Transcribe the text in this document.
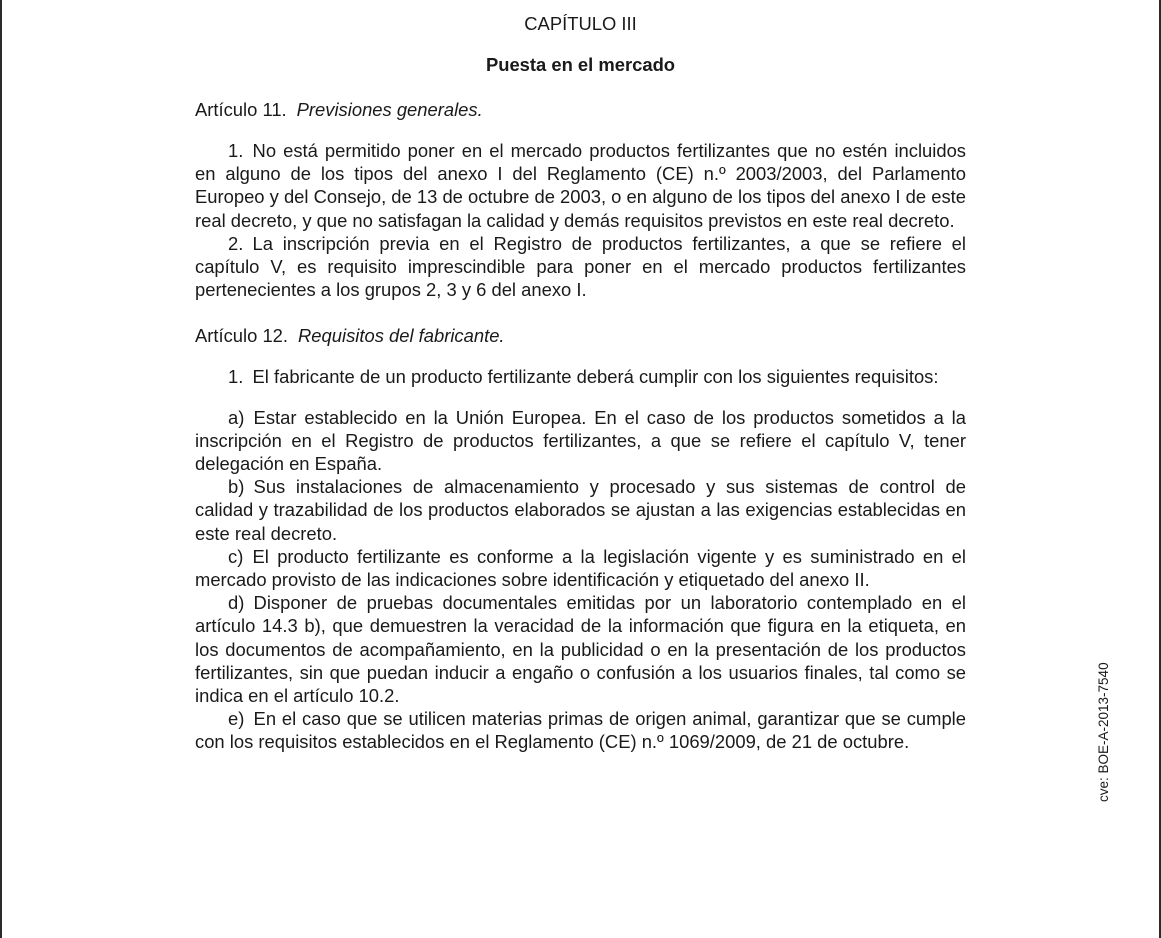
CAPÍTULO III

Puesta en el mercado

Artículo 11. Previsiones generales.

1. No está permitido poner en el mercado productos fertilizantes que no estén incluidos en alguno de los tipos del anexo I del Reglamento (CE) n.º 2003/2003, del Parlamento Europeo y del Consejo, de 13 de octubre de 2003, o en alguno de los tipos del anexo I de este real decreto, y que no satisfagan la calidad y demás requisitos previstos en este real decreto.

2. La inscripción previa en el Registro de productos fertilizantes, a que se refiere el capítulo V, es requisito imprescindible para poner en el mercado productos fertilizantes pertenecientes a los grupos 2, 3 y 6 del anexo I.

Artículo 12. Requisitos del fabricante.

1. El fabricante de un producto fertilizante deberá cumplir con los siguientes requisitos:

a) Estar establecido en la Unión Europea. En el caso de los productos sometidos a la inscripción en el Registro de productos fertilizantes, a que se refiere el capítulo V, tener delegación en España.

b) Sus instalaciones de almacenamiento y procesado y sus sistemas de control de calidad y trazabilidad de los productos elaborados se ajustan a las exigencias establecidas en este real decreto.

c) El producto fertilizante es conforme a la legislación vigente y es suministrado en el mercado provisto de las indicaciones sobre identificación y etiquetado del anexo II.

d) Disponer de pruebas documentales emitidas por un laboratorio contemplado en el artículo 14.3 b), que demuestren la veracidad de la información que figura en la etiqueta, en los documentos de acompañamiento, en la publicidad o en la presentación de los productos fertilizantes, sin que puedan inducir a engaño o confusión a los usuarios finales, tal como se indica en el artículo 10.2.

e) En el caso que se utilicen materias primas de origen animal, garantizar que se cumple con los requisitos establecidos en el Reglamento (CE) n.º 1069/2009, de 21 de octubre.	cve: BOE-A-2013-7540
